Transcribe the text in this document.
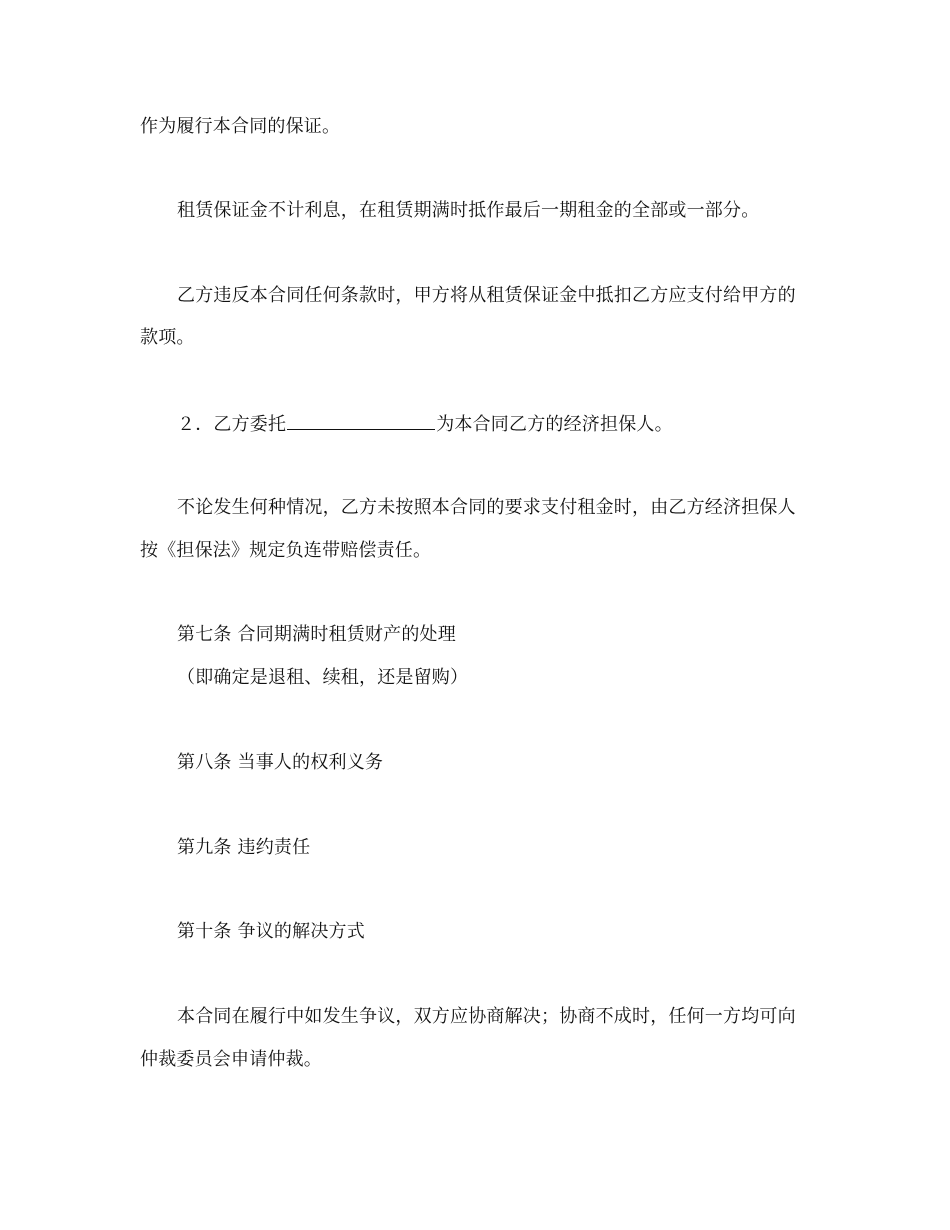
作为履行本合同的保证。
租赁保证金不计利息，在租赁期满时抵作最后一期租金的全部或一部分。
乙方违反本合同任何条款时，甲方将从租赁保证金中抵扣乙方应支付给甲方的
款项。
２．乙方委托	为本合同乙方的经济担保人。
不论发生何种情况，乙方未按照本合同的要求支付租金时，由乙方经济担保人
按《担保法》规定负连带赔偿责任。
第七条 合同期满时租赁财产的处理
（即确定是退租、续租，还是留购）
第八条 当事人的权利义务
第九条 违约责任
第十条 争议的解决方式
本合同在履行中如发生争议，双方应协商解决；协商不成时，任何一方均可向
仲裁委员会申请仲裁。
